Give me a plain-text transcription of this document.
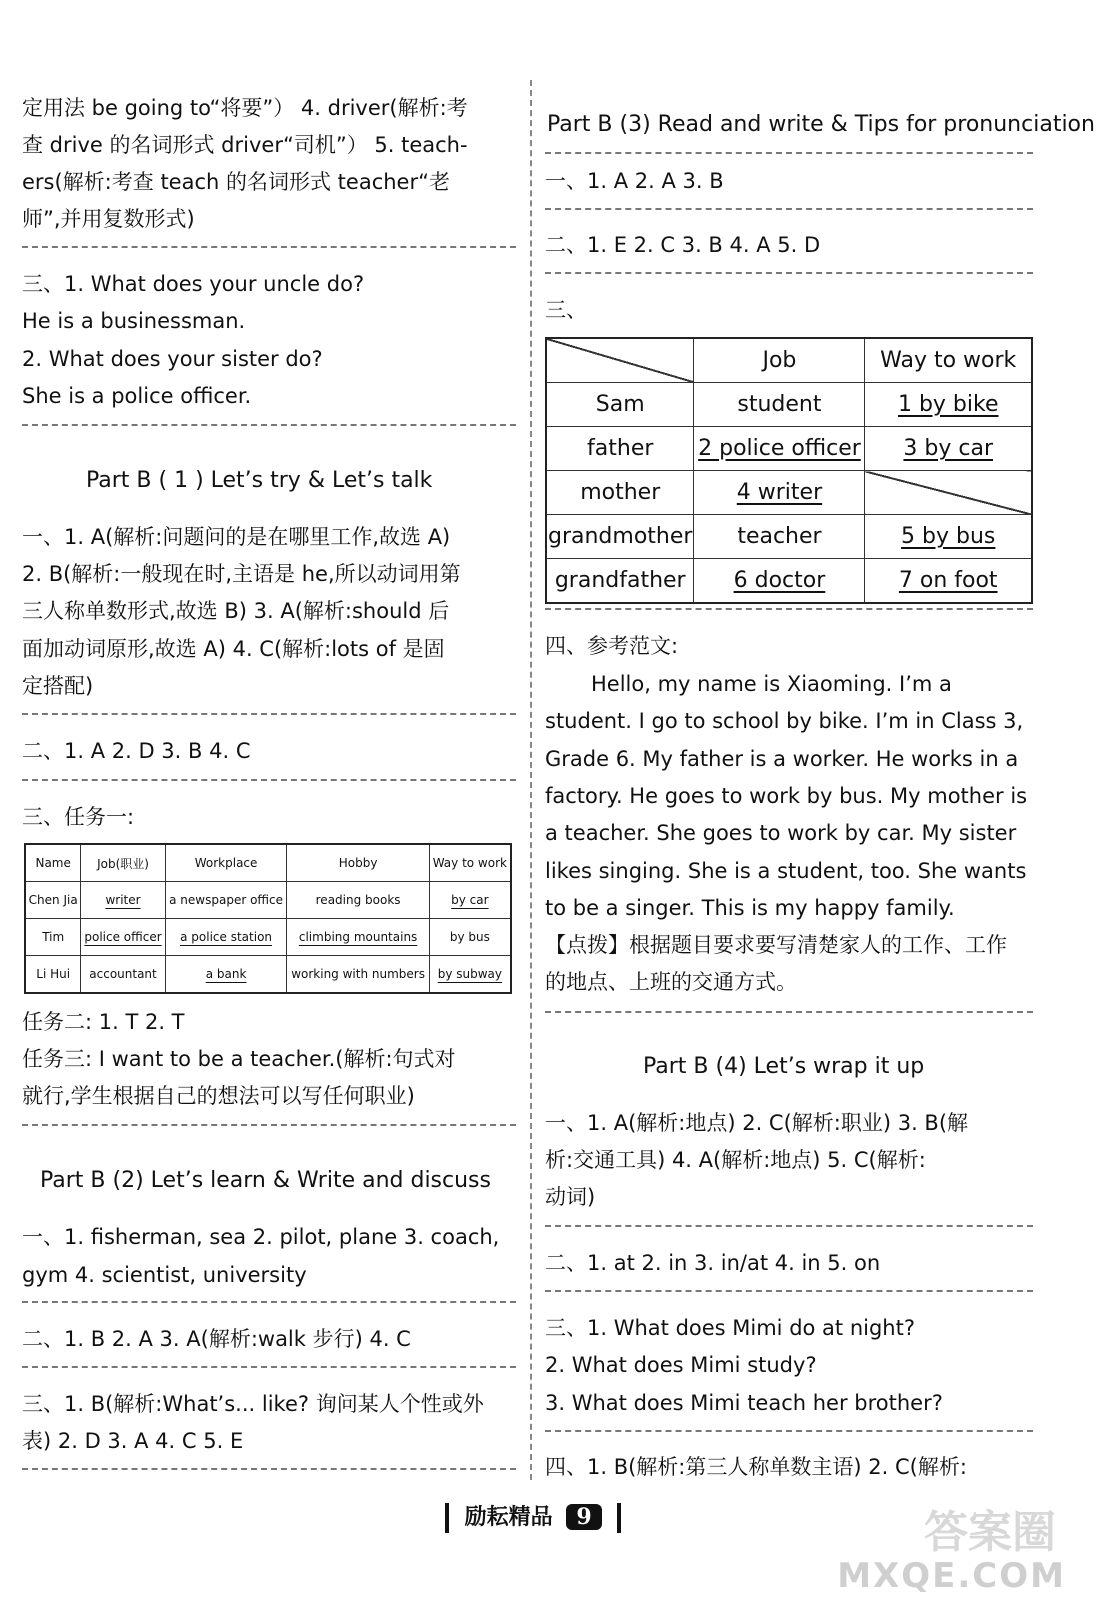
定用法 be going to“将要”） 4. driver(解析:考
查 drive 的名词形式 driver“司机”） 5. teach-
ers(解析:考查 teach 的名词形式 teacher“老
师”,并用复数形式)
三、1. What does your uncle do?
He is a businessman.
2. What does your sister do?
She is a police officer.
Part B ( 1 ) Let’s try & Let’s talk
一、1. A(解析:问题问的是在哪里工作,故选 A)
2. B(解析:一般现在时,主语是 he,所以动词用第
三人称单数形式,故选 B) 3. A(解析:should 后
面加动词原形,故选 A) 4. C(解析:lots of 是固
定搭配)
二、1. A 2. D 3. B 4. C
三、任务一:
Name	Job(职业)	Workplace	Hobby	Way to work
Chen Jia	writer	a newspaper office	reading books	by car
Tim	police officer	a police station	climbing mountains	by bus
Li Hui	accountant	a bank	working with numbers	by subway
任务二: 1. T 2. T
任务三: I want to be a teacher.(解析:句式对
就行,学生根据自己的想法可以写任何职业)
Part B (2) Let’s learn & Write and discuss
一、1. fisherman, sea 2. pilot, plane 3. coach,
gym 4. scientist, university
二、1. B 2. A 3. A(解析:walk 步行) 4. C
三、1. B(解析:What’s... like? 询问某人个性或外
表) 2. D 3. A 4. C 5. E
Part B (3) Read and write & Tips for pronunciation
一、1. A 2. A 3. B
二、1. E 2. C 3. B 4. A 5. D
三、
	Job	Way to work
Sam	student	1 by bike
father	2 police officer	3 by car
mother	4 writer	
grandmother	teacher	5 by bus
grandfather	6 doctor	7 on foot
四、参考范文:
Hello, my name is Xiaoming. I’m a
student. I go to school by bike. I’m in Class 3,
Grade 6. My father is a worker. He works in a
factory. He goes to work by bus. My mother is
a teacher. She goes to work by car. My sister
likes singing. She is a student, too. She wants
to be a singer. This is my happy family.
【点拨】根据题目要求要写清楚家人的工作、工作
的地点、上班的交通方式。
Part B (4) Let’s wrap it up
一、1. A(解析:地点) 2. C(解析:职业) 3. B(解
析:交通工具) 4. A(解析:地点) 5. C(解析:
动词)
二、1. at 2. in 3. in/at 4. in 5. on
三、1. What does Mimi do at night?
2. What does Mimi study?
3. What does Mimi teach her brother?
四、1. B(解析:第三人称单数主语) 2. C(解析:
励耘精品 9	答案圈
MXQE.COM
